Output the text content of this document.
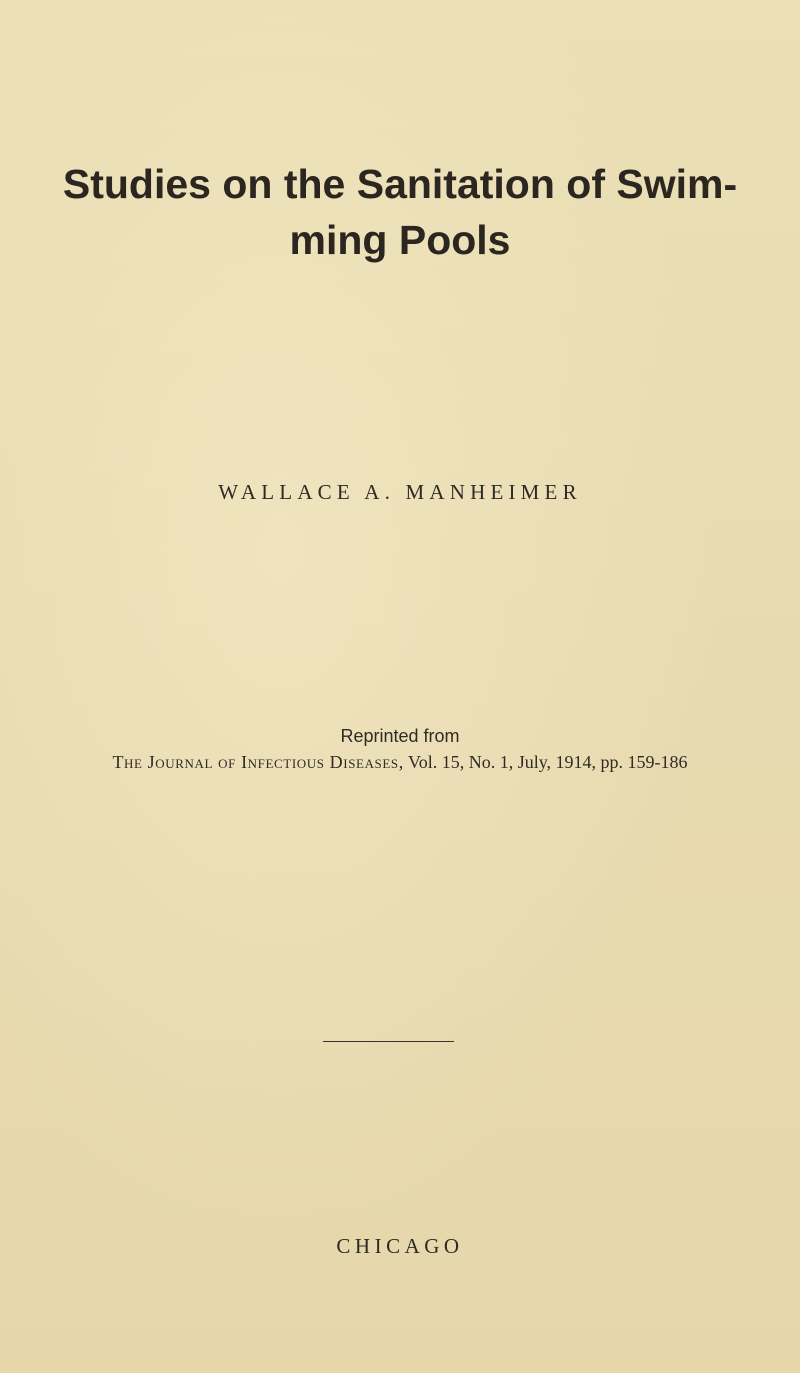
Studies on the Sanitation of Swim-
ming Pools
WALLACE A. MANHEIMER
Reprinted from
The Journal of Infectious Diseases, Vol. 15, No. 1, July, 1914, pp. 159-186
CHICAGO
